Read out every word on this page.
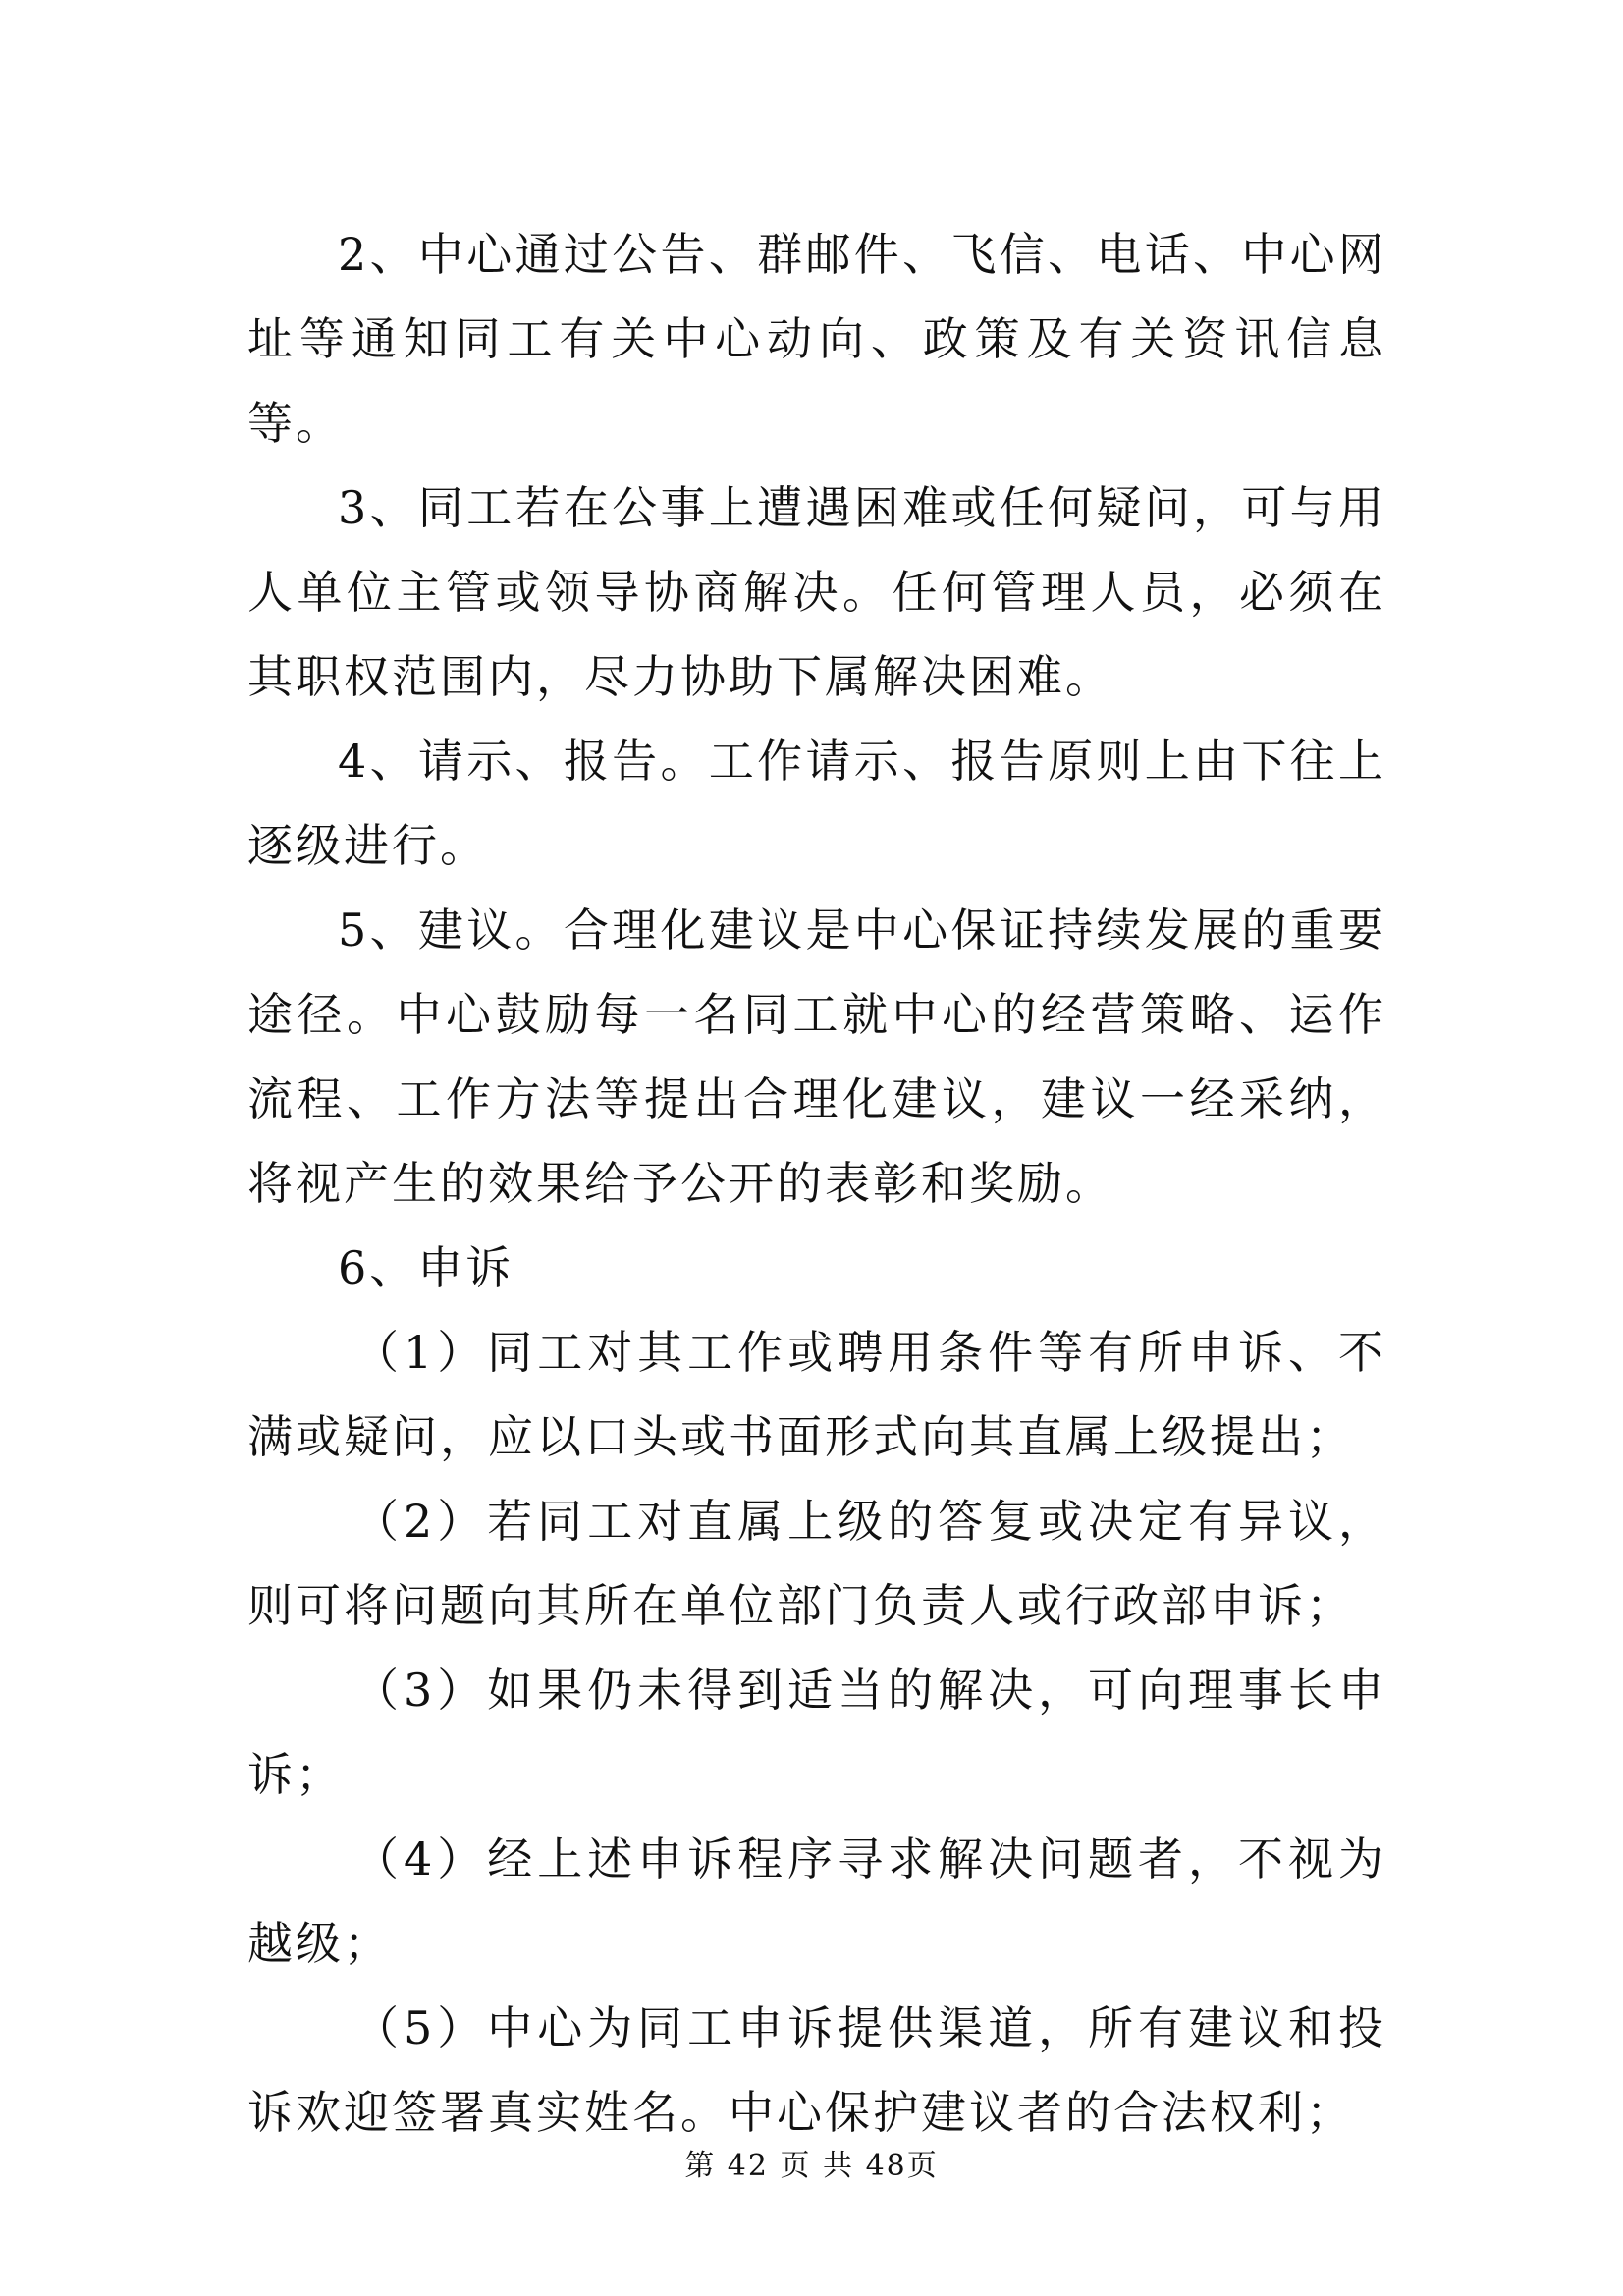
2、中心通过公告、群邮件、飞信、电话、中心网址等通知同工有关中心动向、政策及有关资讯信息等。

3、同工若在公事上遭遇困难或任何疑问，可与用人单位主管或领导协商解决。任何管理人员，必须在其职权范围内，尽力协助下属解决困难。

4、请示、报告。工作请示、报告原则上由下往上逐级进行。

5、建议。合理化建议是中心保证持续发展的重要途径。中心鼓励每一名同工就中心的经营策略、运作流程、工作方法等提出合理化建议，建议一经采纳，将视产生的效果给予公开的表彰和奖励。

6、申诉

（1）同工对其工作或聘用条件等有所申诉、不满或疑问，应以口头或书面形式向其直属上级提出；

（2）若同工对直属上级的答复或决定有异议，则可将问题向其所在单位部门负责人或行政部申诉；

（3）如果仍未得到适当的解决，可向理事长申诉；

（4）经上述申诉程序寻求解决问题者，不视为越级；

（5）中心为同工申诉提供渠道，所有建议和投诉欢迎签署真实姓名。中心保护建议者的合法权利；

第 42 页 共 48页
